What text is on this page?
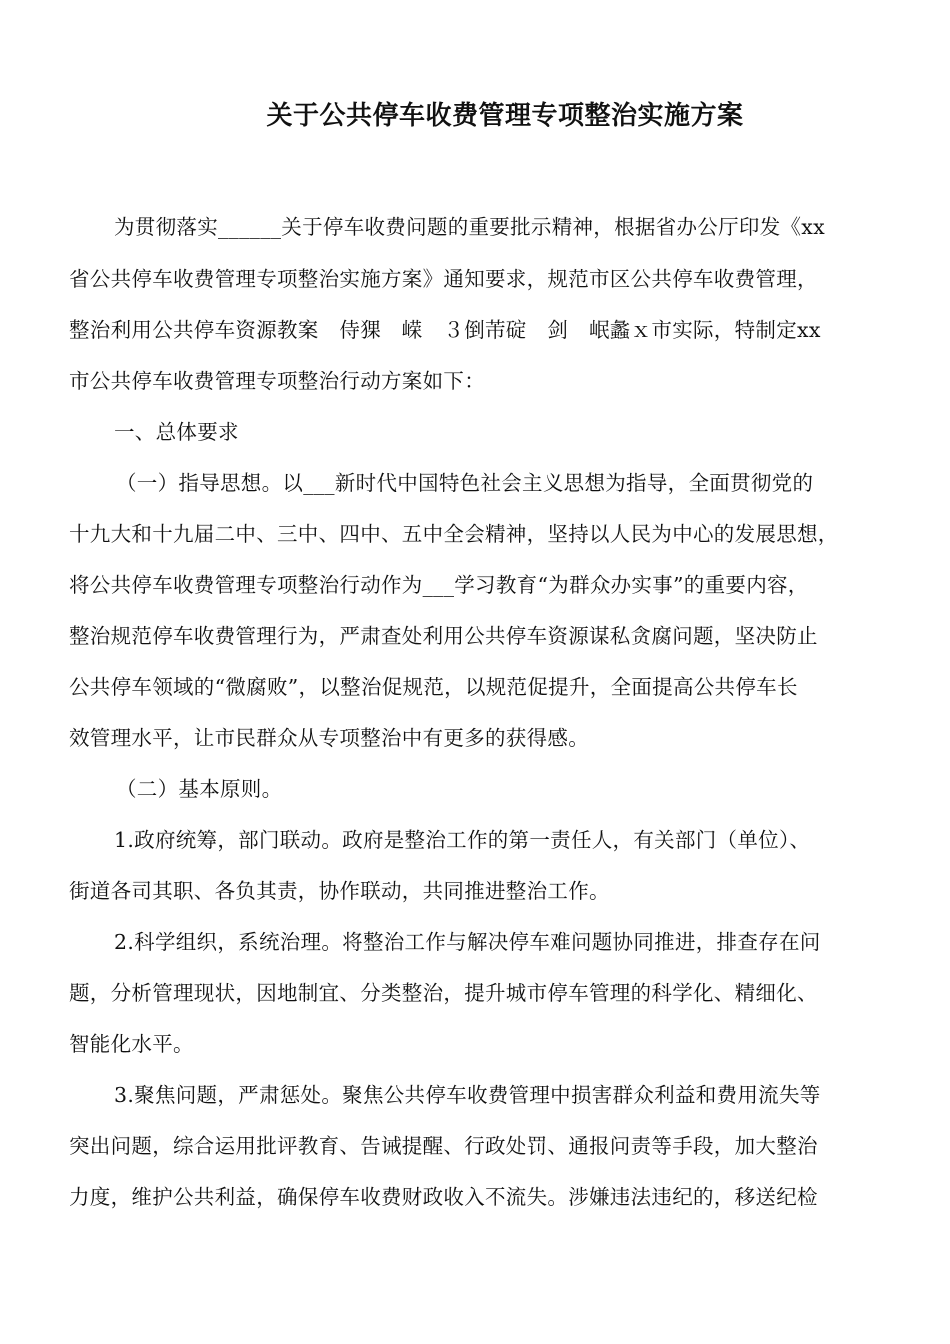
关于公共停车收费管理专项整治实施方案

为贯彻落实______关于停车收费问题的重要批示精神，根据省办公厅印发《xx

省公共停车收费管理专项整治实施方案》通知要求，规范市区公共停车收费管理，

整治利用公共停车资源教案　侍猓　嵘　３倒芾碇　剑　岷蠡ｘ市实际，特制定xx

市公共停车收费管理专项整治行动方案如下：

一、总体要求

（一）指导思想。以___新时代中国特色社会主义思想为指导，全面贯彻党的

十九大和十九届二中、三中、四中、五中全会精神，坚持以人民为中心的发展思想，

将公共停车收费管理专项整治行动作为___学习教育“为群众办实事”的重要内容，

整治规范停车收费管理行为，严肃查处利用公共停车资源谋私贪腐问题，坚决防止

公共停车领域的“微腐败”，以整治促规范，以规范促提升，全面提高公共停车长

效管理水平，让市民群众从专项整治中有更多的获得感。

（二）基本原则。

1.政府统筹，部门联动。政府是整治工作的第一责任人，有关部门（单位）、

街道各司其职、各负其责，协作联动，共同推进整治工作。

2.科学组织，系统治理。将整治工作与解决停车难问题协同推进，排查存在问

题，分析管理现状，因地制宜、分类整治，提升城市停车管理的科学化、精细化、

智能化水平。

3.聚焦问题，严肃惩处。聚焦公共停车收费管理中损害群众利益和费用流失等

突出问题，综合运用批评教育、告诫提醒、行政处罚、通报问责等手段，加大整治

力度，维护公共利益，确保停车收费财政收入不流失。涉嫌违法违纪的，移送纪检
